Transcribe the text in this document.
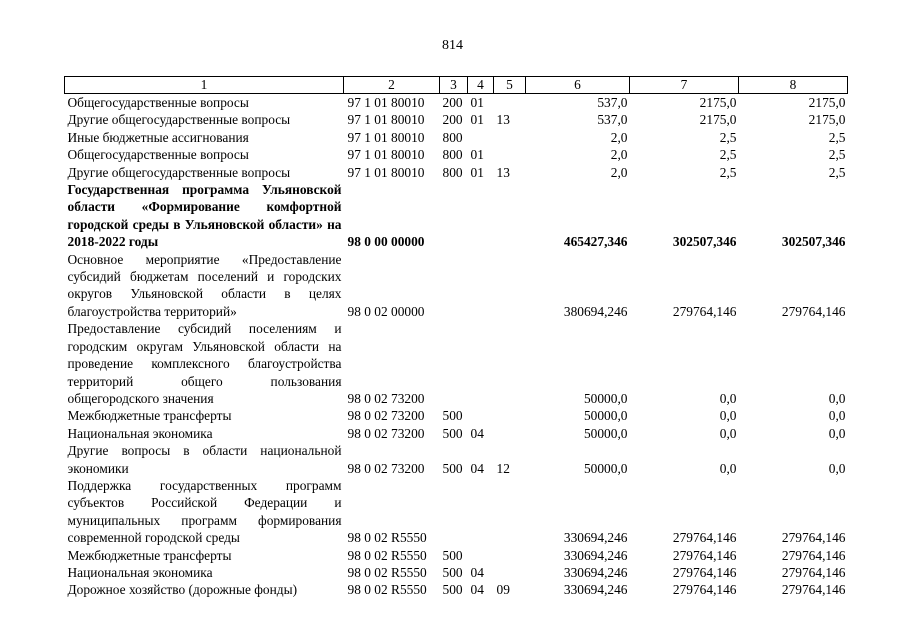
814
1	2	3	4	5	6	7	8
Общегосударственные вопросы	97 1 01 80010	200	01		537,0	2175,0	2175,0
Другие общегосударственные вопросы	97 1 01 80010	200	01	13	537,0	2175,0	2175,0
Иные бюджетные ассигнования	97 1 01 80010	800			2,0	2,5	2,5
Общегосударственные вопросы	97 1 01 80010	800	01		2,0	2,5	2,5
Другие общегосударственные вопросы	97 1 01 80010	800	01	13	2,0	2,5	2,5
Государственная программа Ульяновской области «Формирование комфортной городской среды в Ульяновской области» на 2018-2022 годы	98 0 00 00000				465427,346	302507,346	302507,346
Основное мероприятие «Предоставление субсидий бюджетам поселений и городских округов Ульяновской области в целях благоустройства территорий»	98 0 02 00000				380694,246	279764,146	279764,146
Предоставление субсидий поселениям и городским округам Ульяновской области на проведение комплексного благоустройства территорий общего пользования общегородского значения	98 0 02 73200				50000,0	0,0	0,0
Межбюджетные трансферты	98 0 02 73200	500			50000,0	0,0	0,0
Национальная экономика	98 0 02 73200	500	04		50000,0	0,0	0,0
Другие вопросы в области национальной экономики	98 0 02 73200	500	04	12	50000,0	0,0	0,0
Поддержка государственных программ субъектов Российской Федерации и муниципальных программ формирования современной городской среды	98 0 02 R5550				330694,246	279764,146	279764,146
Межбюджетные трансферты	98 0 02 R5550	500			330694,246	279764,146	279764,146
Национальная экономика	98 0 02 R5550	500	04		330694,246	279764,146	279764,146
Дорожное хозяйство (дорожные фонды)	98 0 02 R5550	500	04	09	330694,246	279764,146	279764,146
